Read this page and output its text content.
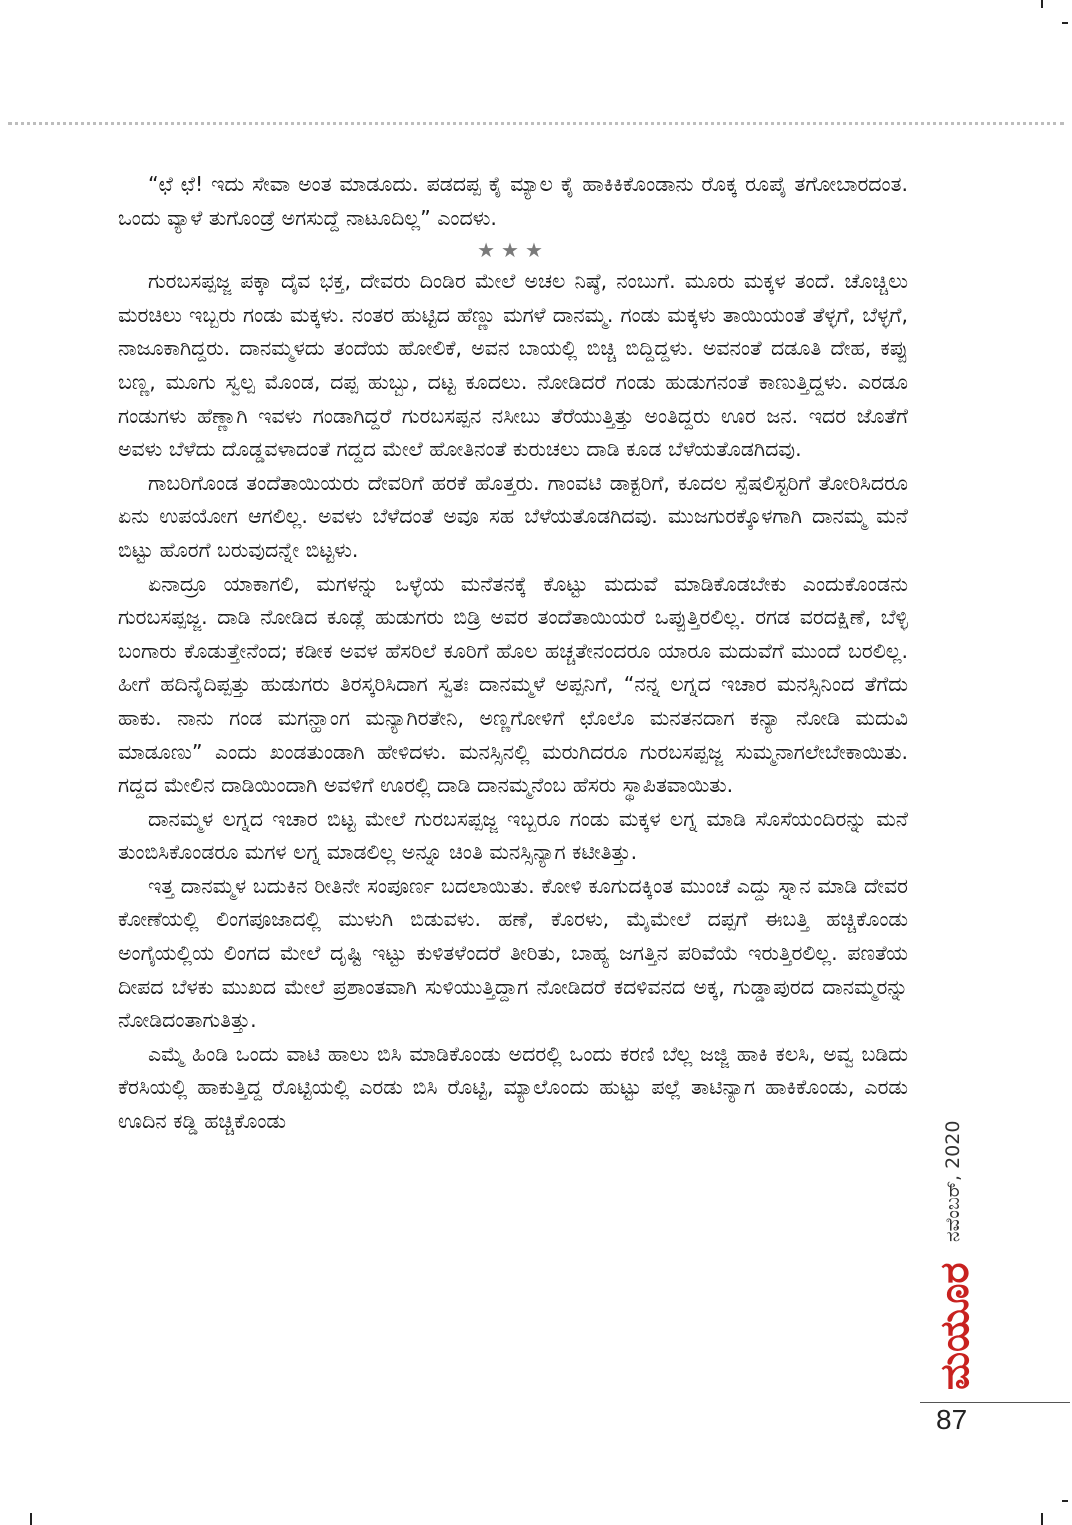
“ಛೆ ಛೆ! ಇದು ಸೇವಾ ಅಂತ ಮಾಡೂದು. ಪಡದಪ್ಪ ಕೈ ಮ್ಯಾಲ ಕೈ ಹಾಕಿಕಿಕೊಂಡಾನು ರೊಕ್ಕ ರೂಪೈ ತಗೋಬಾರದಂತ. ಒಂದು ವ್ಯಾಳೆ ತುಗೊಂಡ್ರೆ ಅಗಸುದ್ದೆ ನಾಟೂದಿಲ್ಲ” ಎಂದಳು.

★★★

ಗುರಬಸಪ್ಪಜ್ಜ ಪಕ್ಕಾ ದೈವ ಭಕ್ತ, ದೇವರು ದಿಂಡಿರ ಮೇಲೆ ಅಚಲ ನಿಷ್ಠೆ, ನಂಬುಗೆ. ಮೂರು ಮಕ್ಕಳ ತಂದೆ. ಚೊಚ್ಚಿಲು ಮರಚಿಲು ಇಬ್ಬರು ಗಂಡು ಮಕ್ಕಳು. ನಂತರ ಹುಟ್ಟಿದ ಹೆಣ್ಣು ಮಗಳೆ ದಾನಮ್ಮ. ಗಂಡು ಮಕ್ಕಳು ತಾಯಿಯಂತೆ ತೆಳ್ಳಗೆ, ಬೆಳ್ಳಗೆ, ನಾಜೂಕಾಗಿದ್ದರು. ದಾನಮ್ಮಳದು ತಂದೆಯ ಹೋಲಿಕೆ, ಅವನ ಬಾಯಲ್ಲಿ ಬಿಚ್ಚಿ ಬಿದ್ದಿದ್ದಳು. ಅವನಂತೆ ದಡೂತಿ ದೇಹ, ಕಪ್ಪು ಬಣ್ಣ, ಮೂಗು ಸ್ವಲ್ಪ ಮೊಂಡ, ದಪ್ಪ ಹುಬ್ಬು, ದಟ್ಟ ಕೂದಲು. ನೋಡಿದರೆ ಗಂಡು ಹುಡುಗನಂತೆ ಕಾಣುತ್ತಿದ್ದಳು. ಎರಡೂ ಗಂಡುಗಳು ಹೆಣ್ಣಾಗಿ ಇವಳು ಗಂಡಾಗಿದ್ದರೆ ಗುರಬಸಪ್ಪನ ನಸೀಬು ತೆರೆಯುತ್ತಿತ್ತು ಅಂತಿದ್ದರು ಊರ ಜನ. ಇದರ ಜೊತೆಗೆ ಅವಳು ಬೆಳೆದು ದೊಡ್ಡವಳಾದಂತೆ ಗದ್ದದ ಮೇಲೆ ಹೋತಿನಂತೆ ಕುರುಚಲು ದಾಡಿ ಕೂಡ ಬೆಳೆಯತೊಡಗಿದವು.

ಗಾಬರಿಗೊಂಡ ತಂದೆತಾಯಿಯರು ದೇವರಿಗೆ ಹರಕೆ ಹೊತ್ತರು. ಗಾಂವಟಿ ಡಾಕ್ಟರಿಗೆ, ಕೂದಲ ಸ್ಪೆಷಲಿಸ್ಟರಿಗೆ ತೋರಿಸಿದರೂ ಏನು ಉಪಯೋಗ ಆಗಲಿಲ್ಲ. ಅವಳು ಬೆಳೆದಂತೆ ಅವೂ ಸಹ ಬೆಳೆಯತೊಡಗಿದವು. ಮುಜಗುರಕ್ಕೊಳಗಾಗಿ ದಾನಮ್ಮ ಮನೆ ಬಿಟ್ಟು ಹೊರಗೆ ಬರುವುದನ್ನೇ ಬಿಟ್ಟಳು.

ಏನಾದ್ರೂ ಯಾಕಾಗಲಿ, ಮಗಳನ್ನು ಒಳ್ಳೆಯ ಮನೆತನಕ್ಕೆ ಕೊಟ್ಟು ಮದುವೆ ಮಾಡಿಕೊಡಬೇಕು ಎಂದುಕೊಂಡನು ಗುರಬಸಪ್ಪಜ್ಜ. ದಾಡಿ ನೋಡಿದ ಕೂಡ್ಲೆ ಹುಡುಗರು ಬಿಡ್ರಿ ಅವರ ತಂದೆತಾಯಿಯರೆ ಒಪ್ಪುತ್ತಿರಲಿಲ್ಲ. ರಗಡ ವರದಕ್ಷಿಣೆ, ಬೆಳ್ಳಿ ಬಂಗಾರು ಕೊಡುತ್ತೇನೆಂದ; ಕಡೀಕ ಅವಳ ಹೆಸರಿಲೆ ಕೂರಿಗೆ ಹೊಲ ಹಚ್ಚತೇನಂದರೂ ಯಾರೂ ಮದುವೆಗೆ ಮುಂದೆ ಬರಲಿಲ್ಲ. ಹೀಗೆ ಹದಿನೈದಿಪ್ಪತ್ತು ಹುಡುಗರು ತಿರಸ್ಕರಿಸಿದಾಗ ಸ್ವತಃ ದಾನಮ್ಮಳೆ ಅಪ್ಪನಿಗೆ, “ನನ್ನ ಲಗ್ನದ ಇಚಾರ ಮನಸ್ಸಿನಿಂದ ತೆಗೆದು ಹಾಕು. ನಾನು ಗಂಡ ಮಗನ್ಹಾಂಗ ಮನ್ಯಾಗಿರತೇನಿ, ಅಣ್ಣಗೋಳಿಗೆ ಛೊಲೊ ಮನತನದಾಗ ಕನ್ಯಾ ನೋಡಿ ಮದುವಿ ಮಾಡೂಣು” ಎಂದು ಖಂಡತುಂಡಾಗಿ ಹೇಳಿದಳು. ಮನಸ್ಸಿನಲ್ಲಿ ಮರುಗಿದರೂ ಗುರಬಸಪ್ಪಜ್ಜ ಸುಮ್ಮನಾಗಲೇಬೇಕಾಯಿತು. ಗದ್ದದ ಮೇಲಿನ ದಾಡಿಯಿಂದಾಗಿ ಅವಳಿಗೆ ಊರಲ್ಲಿ ದಾಡಿ ದಾನಮ್ಮನೆಂಬ ಹೆಸರು ಸ್ಥಾಪಿತವಾಯಿತು.

ದಾನಮ್ಮಳ ಲಗ್ನದ ಇಚಾರ ಬಿಟ್ಟ ಮೇಲೆ ಗುರಬಸಪ್ಪಜ್ಜ ಇಬ್ಬರೂ ಗಂಡು ಮಕ್ಕಳ ಲಗ್ನ ಮಾಡಿ ಸೊಸೆಯಂದಿರನ್ನು ಮನೆ ತುಂಬಿಸಿಕೊಂಡರೂ ಮಗಳ ಲಗ್ನ ಮಾಡಲಿಲ್ಲ ಅನ್ನೂ ಚಿಂತಿ ಮನಸ್ಸಿನ್ಯಾಗ ಕಟೀತಿತ್ತು.

ಇತ್ತ ದಾನಮ್ಮಳ ಬದುಕಿನ ರೀತಿನೇ ಸಂಪೂರ್ಣ ಬದಲಾಯಿತು. ಕೋಳಿ ಕೂಗುದಕ್ಕಿಂತ ಮುಂಚೆ ಎದ್ದು ಸ್ನಾನ ಮಾಡಿ ದೇವರ ಕೋಣೆಯಲ್ಲಿ ಲಿಂಗಪೂಜಾದಲ್ಲಿ ಮುಳುಗಿ ಬಿಡುವಳು. ಹಣೆ, ಕೊರಳು, ಮೈಮೇಲೆ ದಪ್ಪಗೆ ಈಬತ್ತಿ ಹಚ್ಚಿಕೊಂಡು ಅಂಗೈಯಲ್ಲಿಯ ಲಿಂಗದ ಮೇಲೆ ದೃಷ್ಟಿ ಇಟ್ಟು ಕುಳಿತಳೆಂದರೆ ತೀರಿತು, ಬಾಹ್ಯ ಜಗತ್ತಿನ ಪರಿವೆಯೆ ಇರುತ್ತಿರಲಿಲ್ಲ. ಪಣತೆಯ ದೀಪದ ಬೆಳಕು ಮುಖದ ಮೇಲೆ ಪ್ರಶಾಂತವಾಗಿ ಸುಳಿಯುತ್ತಿದ್ದಾಗ ನೋಡಿದರೆ ಕದಳಿವನದ ಅಕ್ಕ, ಗುಡ್ಡಾಪುರದ ದಾನಮ್ಮರನ್ನು ನೋಡಿದಂತಾಗುತಿತ್ತು.

ಎಮ್ಮೆ ಹಿಂಡಿ ಒಂದು ವಾಟಿ ಹಾಲು ಬಿಸಿ ಮಾಡಿಕೊಂಡು ಅದರಲ್ಲಿ ಒಂದು ಕರಣಿ ಬೆಲ್ಲ ಜಜ್ಜಿ ಹಾಕಿ ಕಲಸಿ, ಅವ್ವ ಬಡಿದು ಕೆರಸಿಯಲ್ಲಿ ಹಾಕುತ್ತಿದ್ದ ರೊಟ್ಟಿಯಲ್ಲಿ ಎರಡು ಬಿಸಿ ರೊಟ್ಟಿ, ಮ್ಯಾಲೊಂದು ಹುಟ್ಟು ಪಲ್ಲೆ ತಾಟಿನ್ಯಾಗ ಹಾಕಿಕೊಂಡು, ಎರಡು ಊದಿನ ಕಡ್ಡಿ ಹಚ್ಚಿಕೊಂಡು	ನವೆಂಬರ್, 2020
ಮಯೂರ
87
